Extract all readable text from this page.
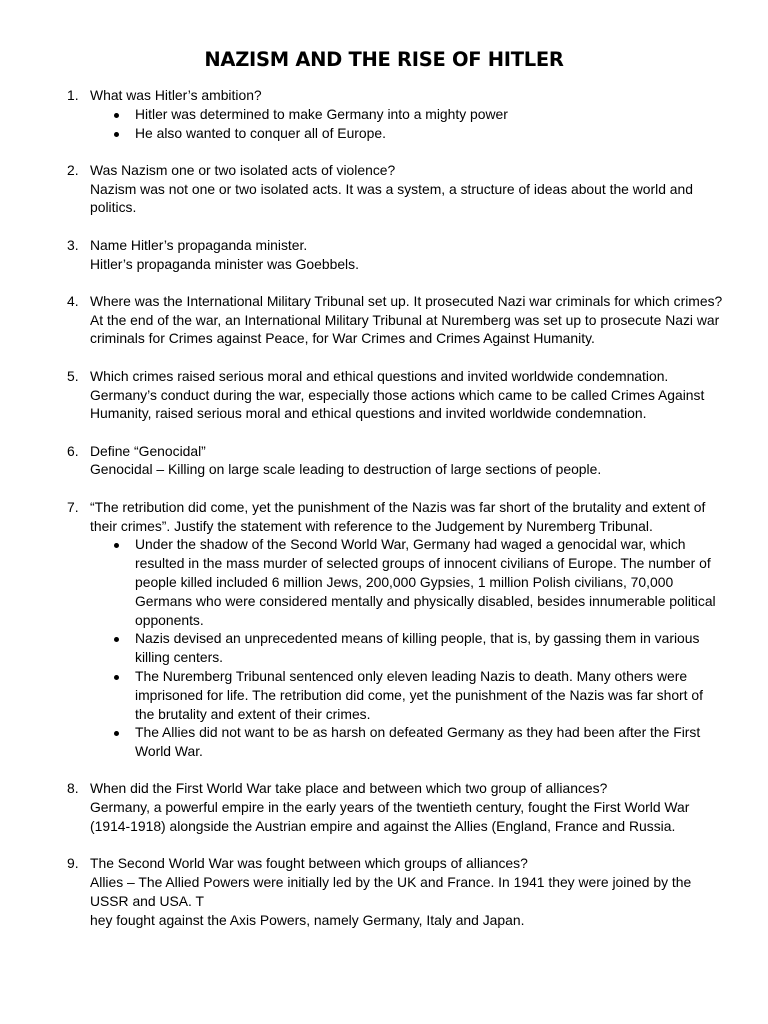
NAZISM AND THE RISE OF HITLER
1. What was Hitler’s ambition?

Hitler was determined to make Germany into a mighty power
He also wanted to conquer all of Europe.
2. Was Nazism one or two isolated acts of violence?

Nazism was not one or two isolated acts. It was a system, a structure of ideas about the world and politics.

3. Name Hitler’s propaganda minister.

Hitler’s propaganda minister was Goebbels.

4. Where was the International Military Tribunal set up. It prosecuted Nazi war criminals for which crimes?

At the end of the war, an International Military Tribunal at Nuremberg was set up to prosecute Nazi war criminals for Crimes against Peace, for War Crimes and Crimes Against Humanity.

5. Which crimes raised serious moral and ethical questions and invited worldwide condemnation.

Germany’s conduct during the war, especially those actions which came to be called Crimes Against Humanity, raised serious moral and ethical questions and invited worldwide condemnation.

6. Define “Genocidal”

Genocidal – Killing on large scale leading to destruction of large sections of people.

7. “The retribution did come, yet the punishment of the Nazis was far short of the brutality and extent of their crimes”. Justify the statement with reference to the Judgement by Nuremberg Tribunal.

Under the shadow of the Second World War, Germany had waged a genocidal war, which resulted in the mass murder of selected groups of innocent civilians of Europe. The number of people killed included 6 million Jews, 200,000 Gypsies, 1 million Polish civilians, 70,000 Germans who were considered mentally and physically disabled, besides innumerable political opponents.
Nazis devised an unprecedented means of killing people, that is, by gassing them in various killing centers.
The Nuremberg Tribunal sentenced only eleven leading Nazis to death. Many others were imprisoned for life. The retribution did come, yet the punishment of the Nazis was far short of the brutality and extent of their crimes.
The Allies did not want to be as harsh on defeated Germany as they had been after the First World War.
8. When did the First World War take place and between which two group of alliances?

Germany, a powerful empire in the early years of the twentieth century, fought the First World War (1914-1918) alongside the Austrian empire and against the Allies (England, France and Russia.

9. The Second World War was fought between which groups of alliances?

Allies – The Allied Powers were initially led by the UK and France. In 1941 they were joined by the USSR and USA. T

hey fought against the Axis Powers, namely Germany, Italy and Japan.
